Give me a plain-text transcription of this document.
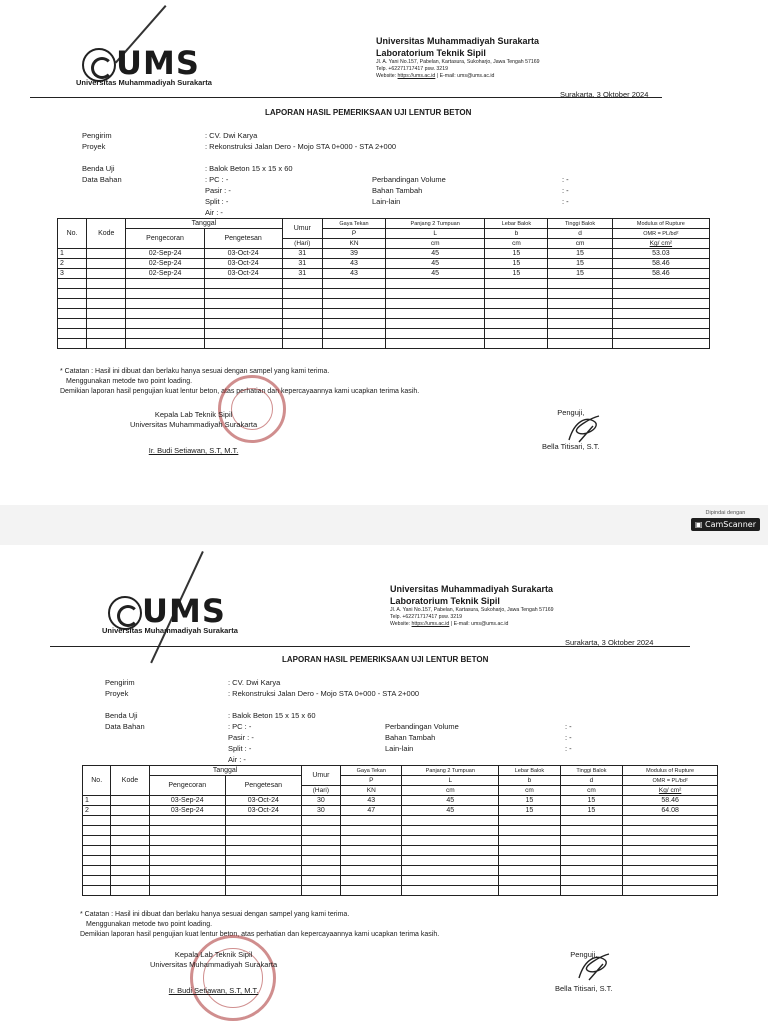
Dipindai dengan
▣ CamScanner
UMS
Universitas Muhammadiyah Surakarta
Universitas Muhammadiyah Surakarta
Laboratorium Teknik Sipil
Jl. A. Yani No.157, Pabelan, Kartasura, Sukoharjo, Jawa Tengah 57169
Telp. +62271717417 psw. 3219
Website: https://ums.ac.id | E-mail: ums@ums.ac.id
Surakarta, 3 Oktober 2024
LAPORAN HASIL PEMERIKSAAN UJI LENTUR BETON
Pengirim	: CV. Dwi Karya
Proyek	: Rekonstruksi Jalan Dero - Mojo STA 0+000 - STA 2+000
Benda Uji	: Balok Beton 15 x 15 x 60
Data Bahan	: PC : -	Perbandingan Volume	: -
Pasir : -	Bahan Tambah	: -
Split : -	Lain-lain	: -
Air : -
No.	Kode	Tanggal		Umur	Gaya Tekan	Panjang 2 Tumpuan	Lebar Balok	Tinggi Balok	Modulus of Rupture
		Pengecoran	Pengetesan		P	L	b	d	OMR = PL/bd²
				(Hari)	KN	cm	cm	cm	Kg/ cm²
1		02-Sep-24	03-Oct-24	31	39	45	15	15	53.03
2		02-Sep-24	03-Oct-24	31	43	45	15	15	58.46
3		02-Sep-24	03-Oct-24	31	43	45	15	15	58.46

* Catatan : Hasil ini dibuat dan berlaku hanya sesuai dengan sampel yang kami terima.
Menggunakan metode two point loading.
Demikian laporan hasil pengujian kuat lentur beton, atas perhatian dan kepercayaannya kami ucapkan terima kasih.
Kepala Lab Teknik Sipil
Universitas Muhammadiyah Surakarta
Ir. Budi Setiawan, S.T, M.T.
Penguji,
Bella Titisari, S.T.
UMS
Universitas Muhammadiyah Surakarta
Universitas Muhammadiyah Surakarta
Laboratorium Teknik Sipil
Jl. A. Yani No.157, Pabelan, Kartasura, Sukoharjo, Jawa Tengah 57169
Telp. +62271717417 psw. 3219
Website: https://ums.ac.id | E-mail: ums@ums.ac.id
Surakarta, 3 Oktober 2024
LAPORAN HASIL PEMERIKSAAN UJI LENTUR BETON
Pengirim	: CV. Dwi Karya
Proyek	: Rekonstruksi Jalan Dero - Mojo STA 0+000 - STA 2+000
Benda Uji	: Balok Beton 15 x 15 x 60
Data Bahan	: PC : -	Perbandingan Volume	: -
Pasir : -	Bahan Tambah	: -
Split : -	Lain-lain	: -
Air : -
No.	Kode	Tanggal		Umur	Gaya Tekan	Panjang 2 Tumpuan	Lebar Balok	Tinggi Balok	Modulus of Rupture
		Pengecoran	Pengetesan		P	L	b	d	OMR = PL/bd²
				(Hari)	KN	cm	cm	cm	Kg/ cm²
1		03-Sep-24	03-Oct-24	30	43	45	15	15	58.46
2		03-Sep-24	03-Oct-24	30	47	45	15	15	64.08

* Catatan : Hasil ini dibuat dan berlaku hanya sesuai dengan sampel yang kami terima.
Menggunakan metode two point loading.
Demikian laporan hasil pengujian kuat lentur beton, atas perhatian dan kepercayaannya kami ucapkan terima kasih.
Kepala Lab Teknik Sipil
Universitas Muhammadiyah Surakarta
Ir. Budi Setiawan, S.T, M.T.
Penguji,
Bella Titisari, S.T.
